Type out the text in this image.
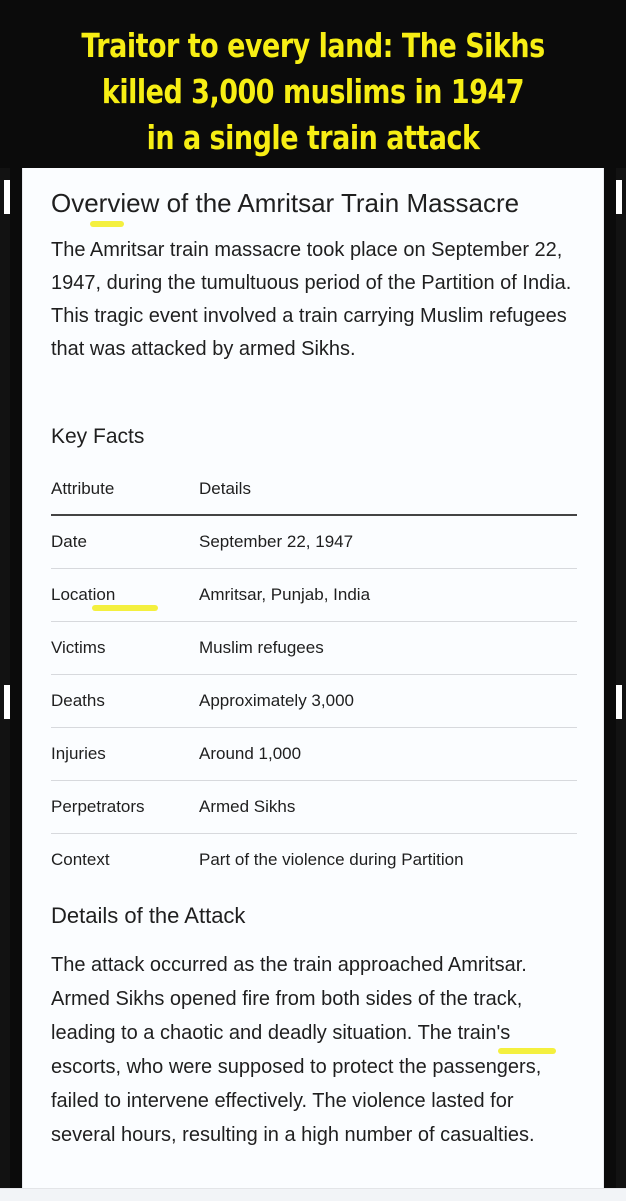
Traitor to every land: The Sikhs
killed 3,000 muslims in 1947
in a single train attack
Overview of the Amritsar Train Massacre
The Amritsar train massacre took place on September 22, 1947, during the tumultuous period of the Partition of India. This tragic event involved a train carrying Muslim refugees that was attacked by armed Sikhs.
Key Facts
Attribute	Details
Date	September 22, 1947
Location	Amritsar, Punjab, India
Victims	Muslim refugees
Deaths	Approximately 3,000
Injuries	Around 1,000
Perpetrators	Armed Sikhs
Context	Part of the violence during Partition
Details of the Attack
The attack occurred as the train approached Amritsar. Armed Sikhs opened fire from both sides of the track, leading to a chaotic and deadly situation. The train's escorts, who were supposed to protect the passengers, failed to intervene effectively. The violence lasted for several hours, resulting in a high number of casualties.
